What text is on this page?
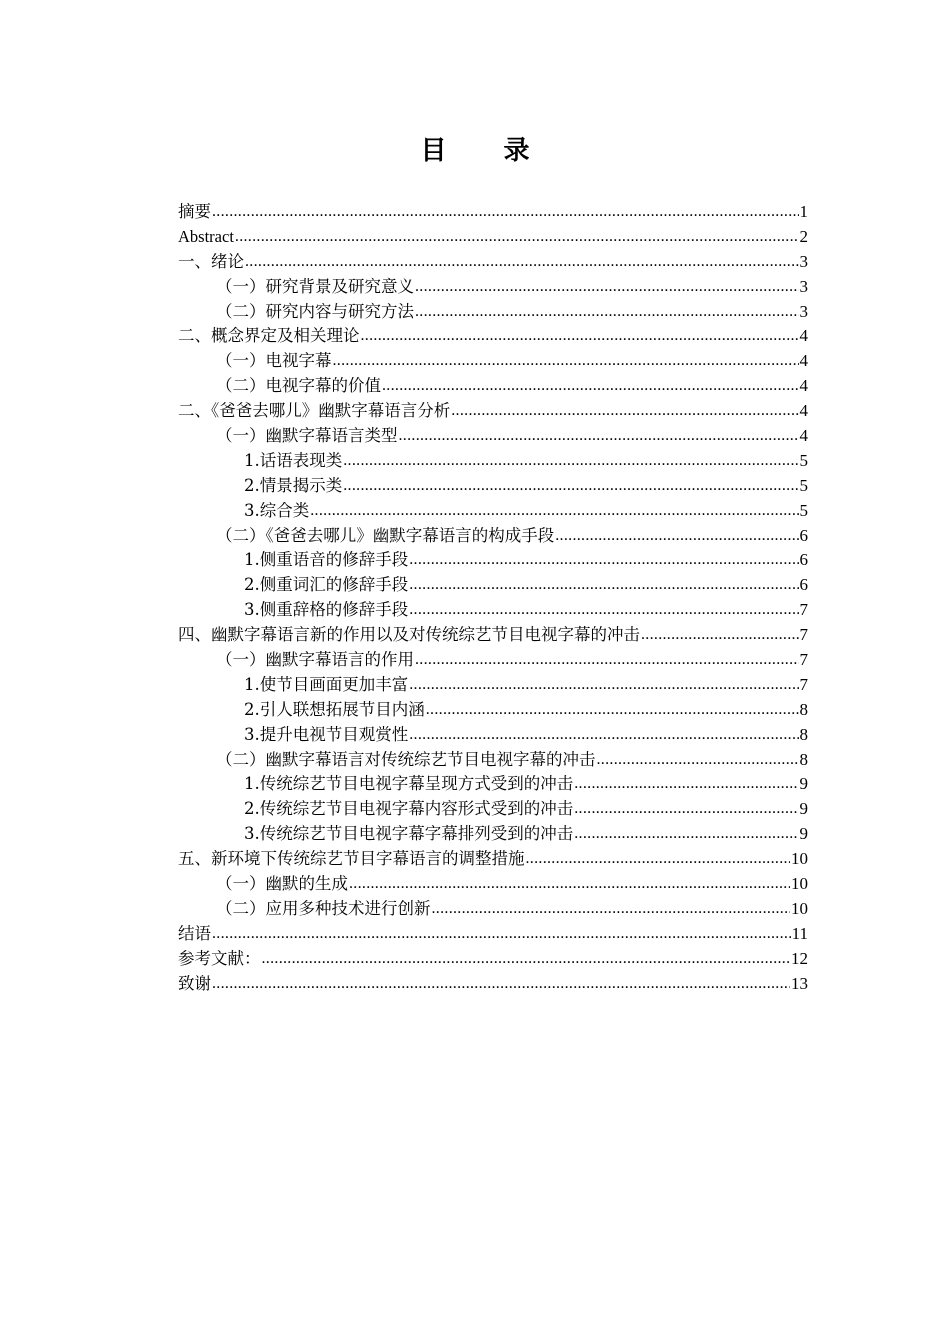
目 录
摘要 .....	1
Abstract .....	2
一、绪论 .....	3
（一）研究背景及研究意义 .....	3
（二）研究内容与研究方法 .....	3
二、概念界定及相关理论 .....	4
（一）电视字幕 .....	4
（二）电视字幕的价值 .....	4
二、《爸爸去哪儿》幽默字幕语言分析 .....	4
（一）幽默字幕语言类型 .....	4
1.话语表现类 .....	5
2.情景揭示类 .....	5
3.综合类 .....	5
（二）《爸爸去哪儿》幽默字幕语言的构成手段 .....	6
1.侧重语音的修辞手段 .....	6
2.侧重词汇的修辞手段 .....	6
3.侧重辞格的修辞手段 .....	7
四、幽默字幕语言新的作用以及对传统综艺节目电视字幕的冲击 .....	7
（一）幽默字幕语言的作用 .....	7
1.使节目画面更加丰富 .....	7
2.引人联想拓展节目内涵 .....	8
3.提升电视节目观赏性 .....	8
（二）幽默字幕语言对传统综艺节目电视字幕的冲击 .....	8
1.传统综艺节目电视字幕呈现方式受到的冲击 .....	9
2.传统综艺节目电视字幕内容形式受到的冲击 .....	9
3.传统综艺节目电视字幕字幕排列受到的冲击 .....	9
五、新环境下传统综艺节目字幕语言的调整措施 .....	10
（一）幽默的生成 .....	10
（二）应用多种技术进行创新 .....	10
结语 .....	11
参考文献： .....	12
致谢 .....	13
